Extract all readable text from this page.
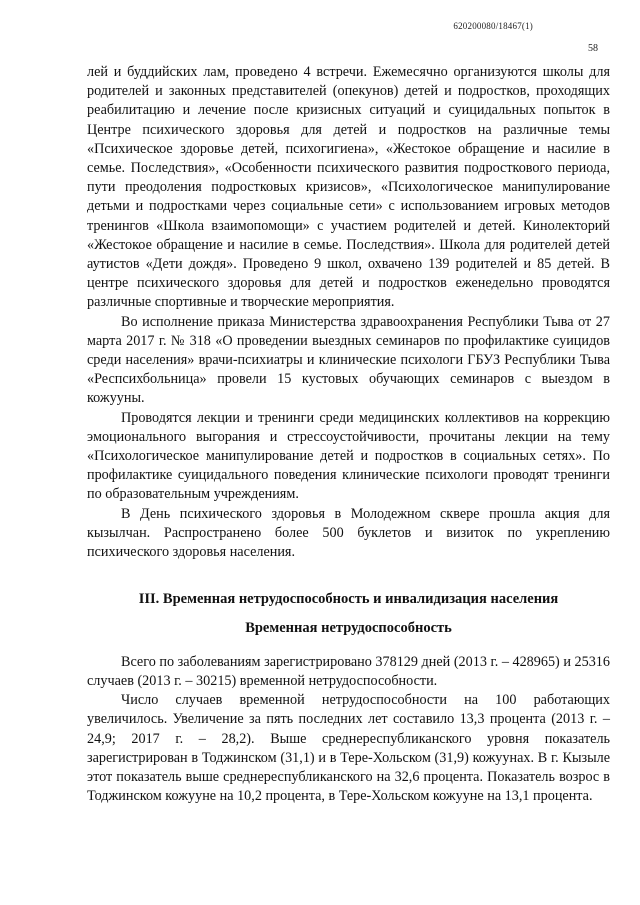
620200080/18467(1)
58

лей и буддийских лам, проведено 4 встречи. Ежемесячно организуются школы для родителей и законных представителей (опекунов) детей и подростков, проходящих реабилитацию и лечение после кризисных ситуаций и суицидальных попыток в Центре психического здоровья для детей и подростков на различные темы «Психическое здоровье детей, психогигиена», «Жестокое обращение и насилие в семье. Последствия», «Особенности психического развития подросткового периода, пути преодоления подростковых кризисов», «Психологическое манипулирование детьми и подростками через социальные сети» с использованием игровых методов тренингов «Школа взаимопомощи» с участием родителей и детей. Кинолекторий «Жестокое обращение и насилие в семье. Последствия». Школа для родителей детей аутистов «Дети дождя». Проведено 9 школ, охвачено 139 родителей и 85 детей. В центре психического здоровья для детей и подростков еженедельно проводятся различные спортивные и творческие мероприятия.

Во исполнение приказа Министерства здравоохранения Республики Тыва от 27 марта 2017 г. № 318 «О проведении выездных семинаров по профилактике суицидов среди населения» врачи-психиатры и клинические психологи ГБУЗ Республики Тыва «Респсихбольница» провели 15 кустовых обучающих семинаров с выездом в кожууны.

Проводятся лекции и тренинги среди медицинских коллективов на коррекцию эмоционального выгорания и стрессоустойчивости, прочитаны лекции на тему «Психологическое манипулирование детей и подростков в социальных сетях». По профилактике суицидального поведения клинические психологи проводят тренинги по образовательным учреждениям.

В День психического здоровья в Молодежном сквере прошла акция для кызылчан. Распространено более 500 буклетов и визиток по укреплению психического здоровья населения.

III. Временная нетрудоспособность и инвалидизация населения
Временная нетрудоспособность

Всего по заболеваниям зарегистрировано 378129 дней (2013 г. – 428965) и 25316 случаев (2013 г. – 30215) временной нетрудоспособности.

Число случаев временной нетрудоспособности на 100 работающих увеличилось. Увеличение за пять последних лет составило 13,3 процента (2013 г. – 24,9; 2017 г. – 28,2). Выше среднереспубликанского уровня показатель зарегистрирован в Тоджинском (31,1) и в Тере-Хольском (31,9) кожуунах. В г. Кызыле этот показатель выше среднереспубликанского на 32,6 процента. Показатель возрос в Тоджинском кожууне на 10,2 процента, в Тере-Хольском кожууне на 13,1 процента.
